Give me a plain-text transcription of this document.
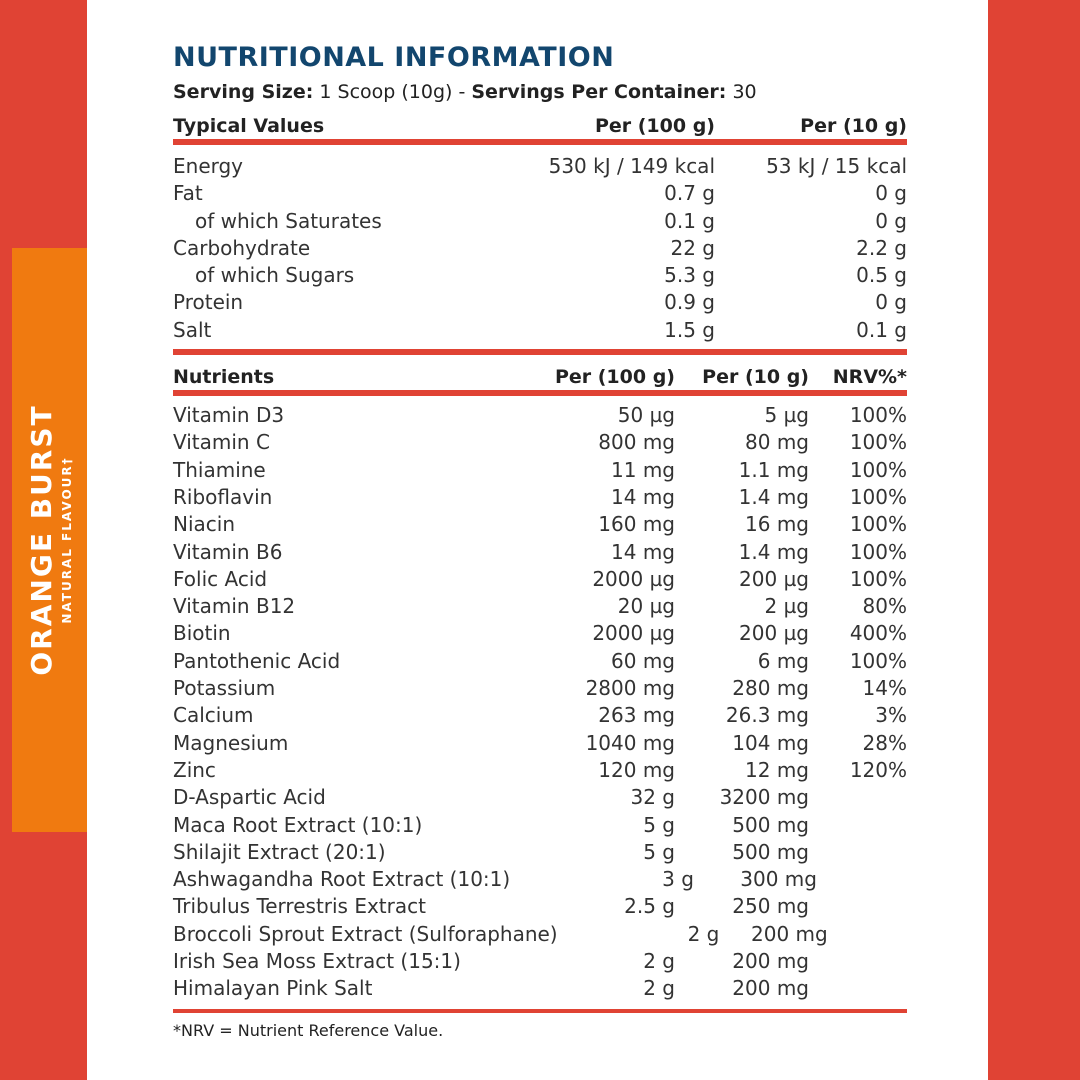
ORANGE BURST NATURAL FLAVOUR†
NUTRITIONAL INFORMATION
Serving Size: 1 Scoop (10g) - Servings Per Container: 30
Typical Values	Per (100 g)	Per (10 g)
Energy	530 kJ / 149 kcal	53 kJ / 15 kcal
Fat	0.7 g	0 g
of which Saturates	0.1 g	0 g
Carbohydrate	22 g	2.2 g
of which Sugars	5.3 g	0.5 g
Protein	0.9 g	0 g
Salt	1.5 g	0.1 g
Nutrients	Per (100 g)	Per (10 g)	NRV%*
Vitamin D3	50 µg	5 µg	100%
Vitamin C	800 mg	80 mg	100%
Thiamine	11 mg	1.1 mg	100%
Riboflavin	14 mg	1.4 mg	100%
Niacin	160 mg	16 mg	100%
Vitamin B6	14 mg	1.4 mg	100%
Folic Acid	2000 µg	200 µg	100%
Vitamin B12	20 µg	2 µg	80%
Biotin	2000 µg	200 µg	400%
Pantothenic Acid	60 mg	6 mg	100%
Potassium	2800 mg	280 mg	14%
Calcium	263 mg	26.3 mg	3%
Magnesium	1040 mg	104 mg	28%
Zinc	120 mg	12 mg	120%
D-Aspartic Acid	32 g	3200 mg
Maca Root Extract (10:1)	5 g	500 mg
Shilajit Extract (20:1)	5 g	500 mg
Ashwagandha Root Extract (10:1)	3 g	300 mg
Tribulus Terrestris Extract	2.5 g	250 mg
Broccoli Sprout Extract (Sulforaphane)	2 g	200 mg
Irish Sea Moss Extract (15:1)	2 g	200 mg
Himalayan Pink Salt	2 g	200 mg
*NRV = Nutrient Reference Value.
